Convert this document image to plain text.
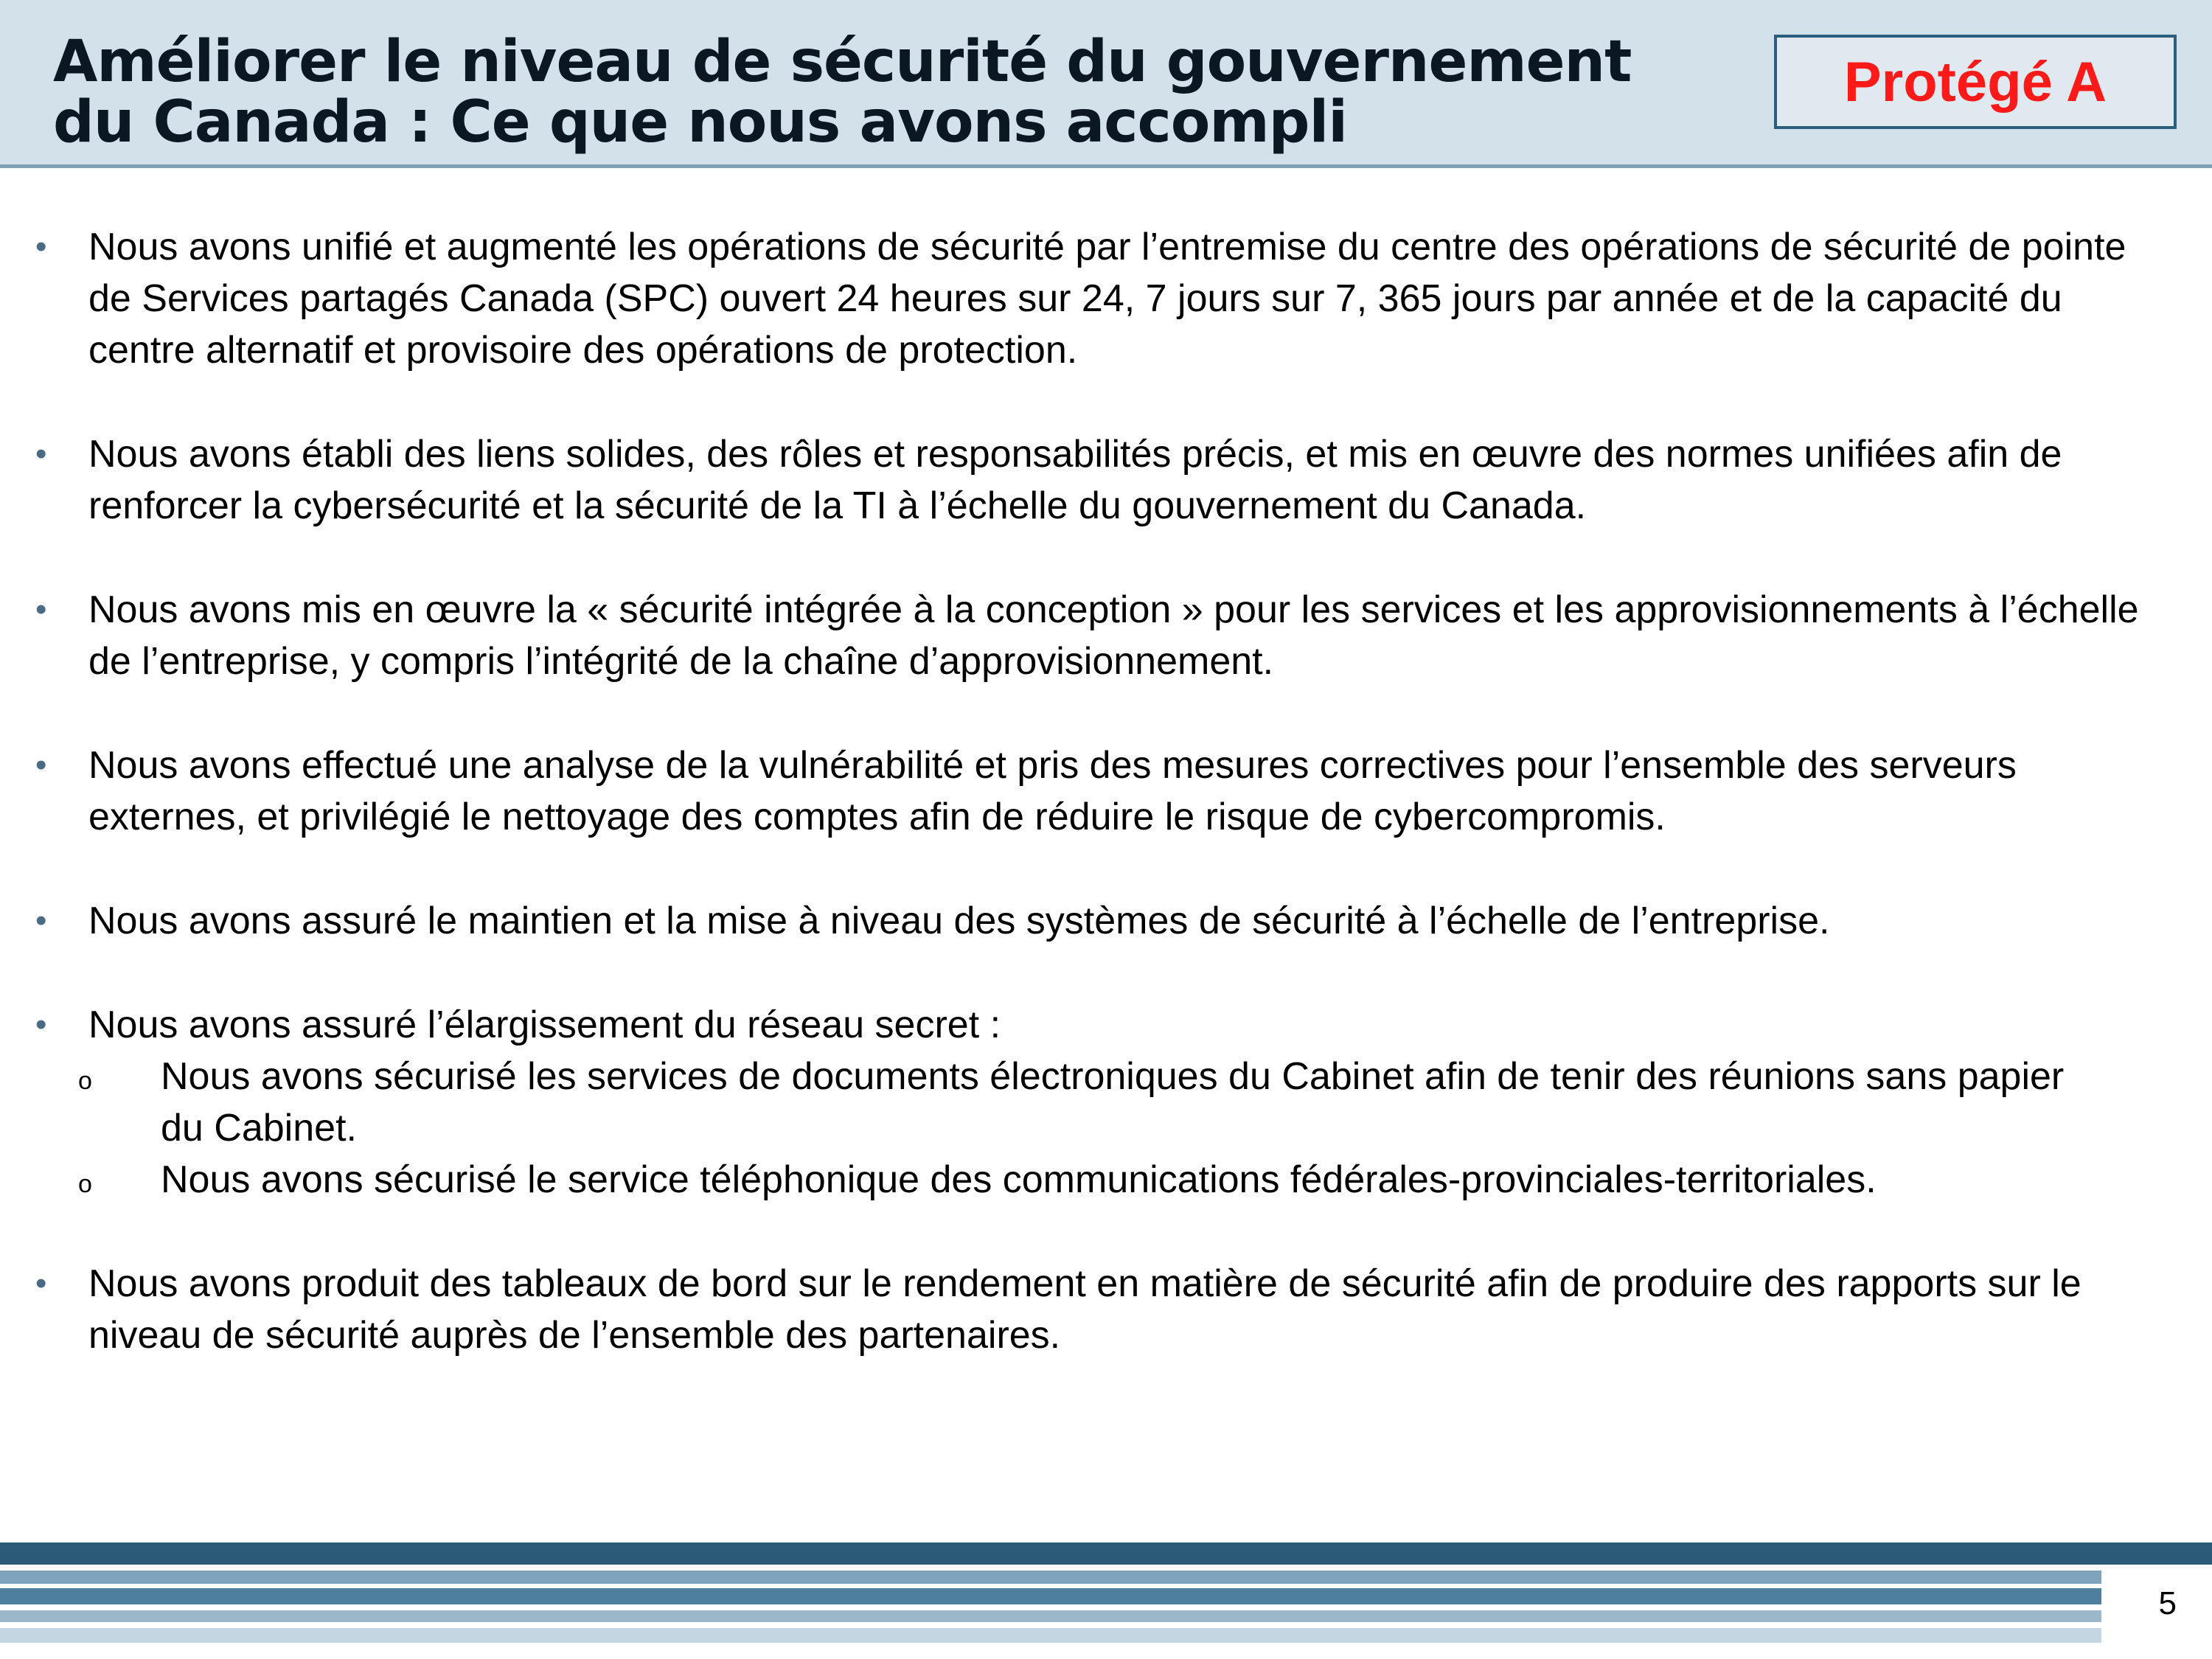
Améliorer le niveau de sécurité du gouvernement
du Canada : Ce que nous avons accompli
Protégé A
• Nous avons unifié et augmenté les opérations de sécurité par l’entremise du centre des opérations de sécurité de pointe de Services partagés Canada (SPC) ouvert 24 heures sur 24, 7 jours sur 7, 365 jours par année et de la capacité du centre alternatif et provisoire des opérations de protection.
• Nous avons établi des liens solides, des rôles et responsabilités précis, et mis en œuvre des normes unifiées afin de renforcer la cybersécurité et la sécurité de la TI à l’échelle du gouvernement du Canada.
• Nous avons mis en œuvre la « sécurité intégrée à la conception » pour les services et les approvisionnements à l’échelle de l’entreprise, y compris l’intégrité de la chaîne d’approvisionnement.
• Nous avons effectué une analyse de la vulnérabilité et pris des mesures correctives pour l’ensemble des serveurs externes, et privilégié le nettoyage des comptes afin de réduire le risque de cybercompromis.
• Nous avons assuré le maintien et la mise à niveau des systèmes de sécurité à l’échelle de l’entreprise.
• Nous avons assuré l’élargissement du réseau secret :
o Nous avons sécurisé les services de documents électroniques du Cabinet afin de tenir des réunions sans papier du Cabinet.
o Nous avons sécurisé le service téléphonique des communications fédérales-provinciales-territoriales.
• Nous avons produit des tableaux de bord sur le rendement en matière de sécurité afin de produire des rapports sur le niveau de sécurité auprès de l’ensemble des partenaires.
5
